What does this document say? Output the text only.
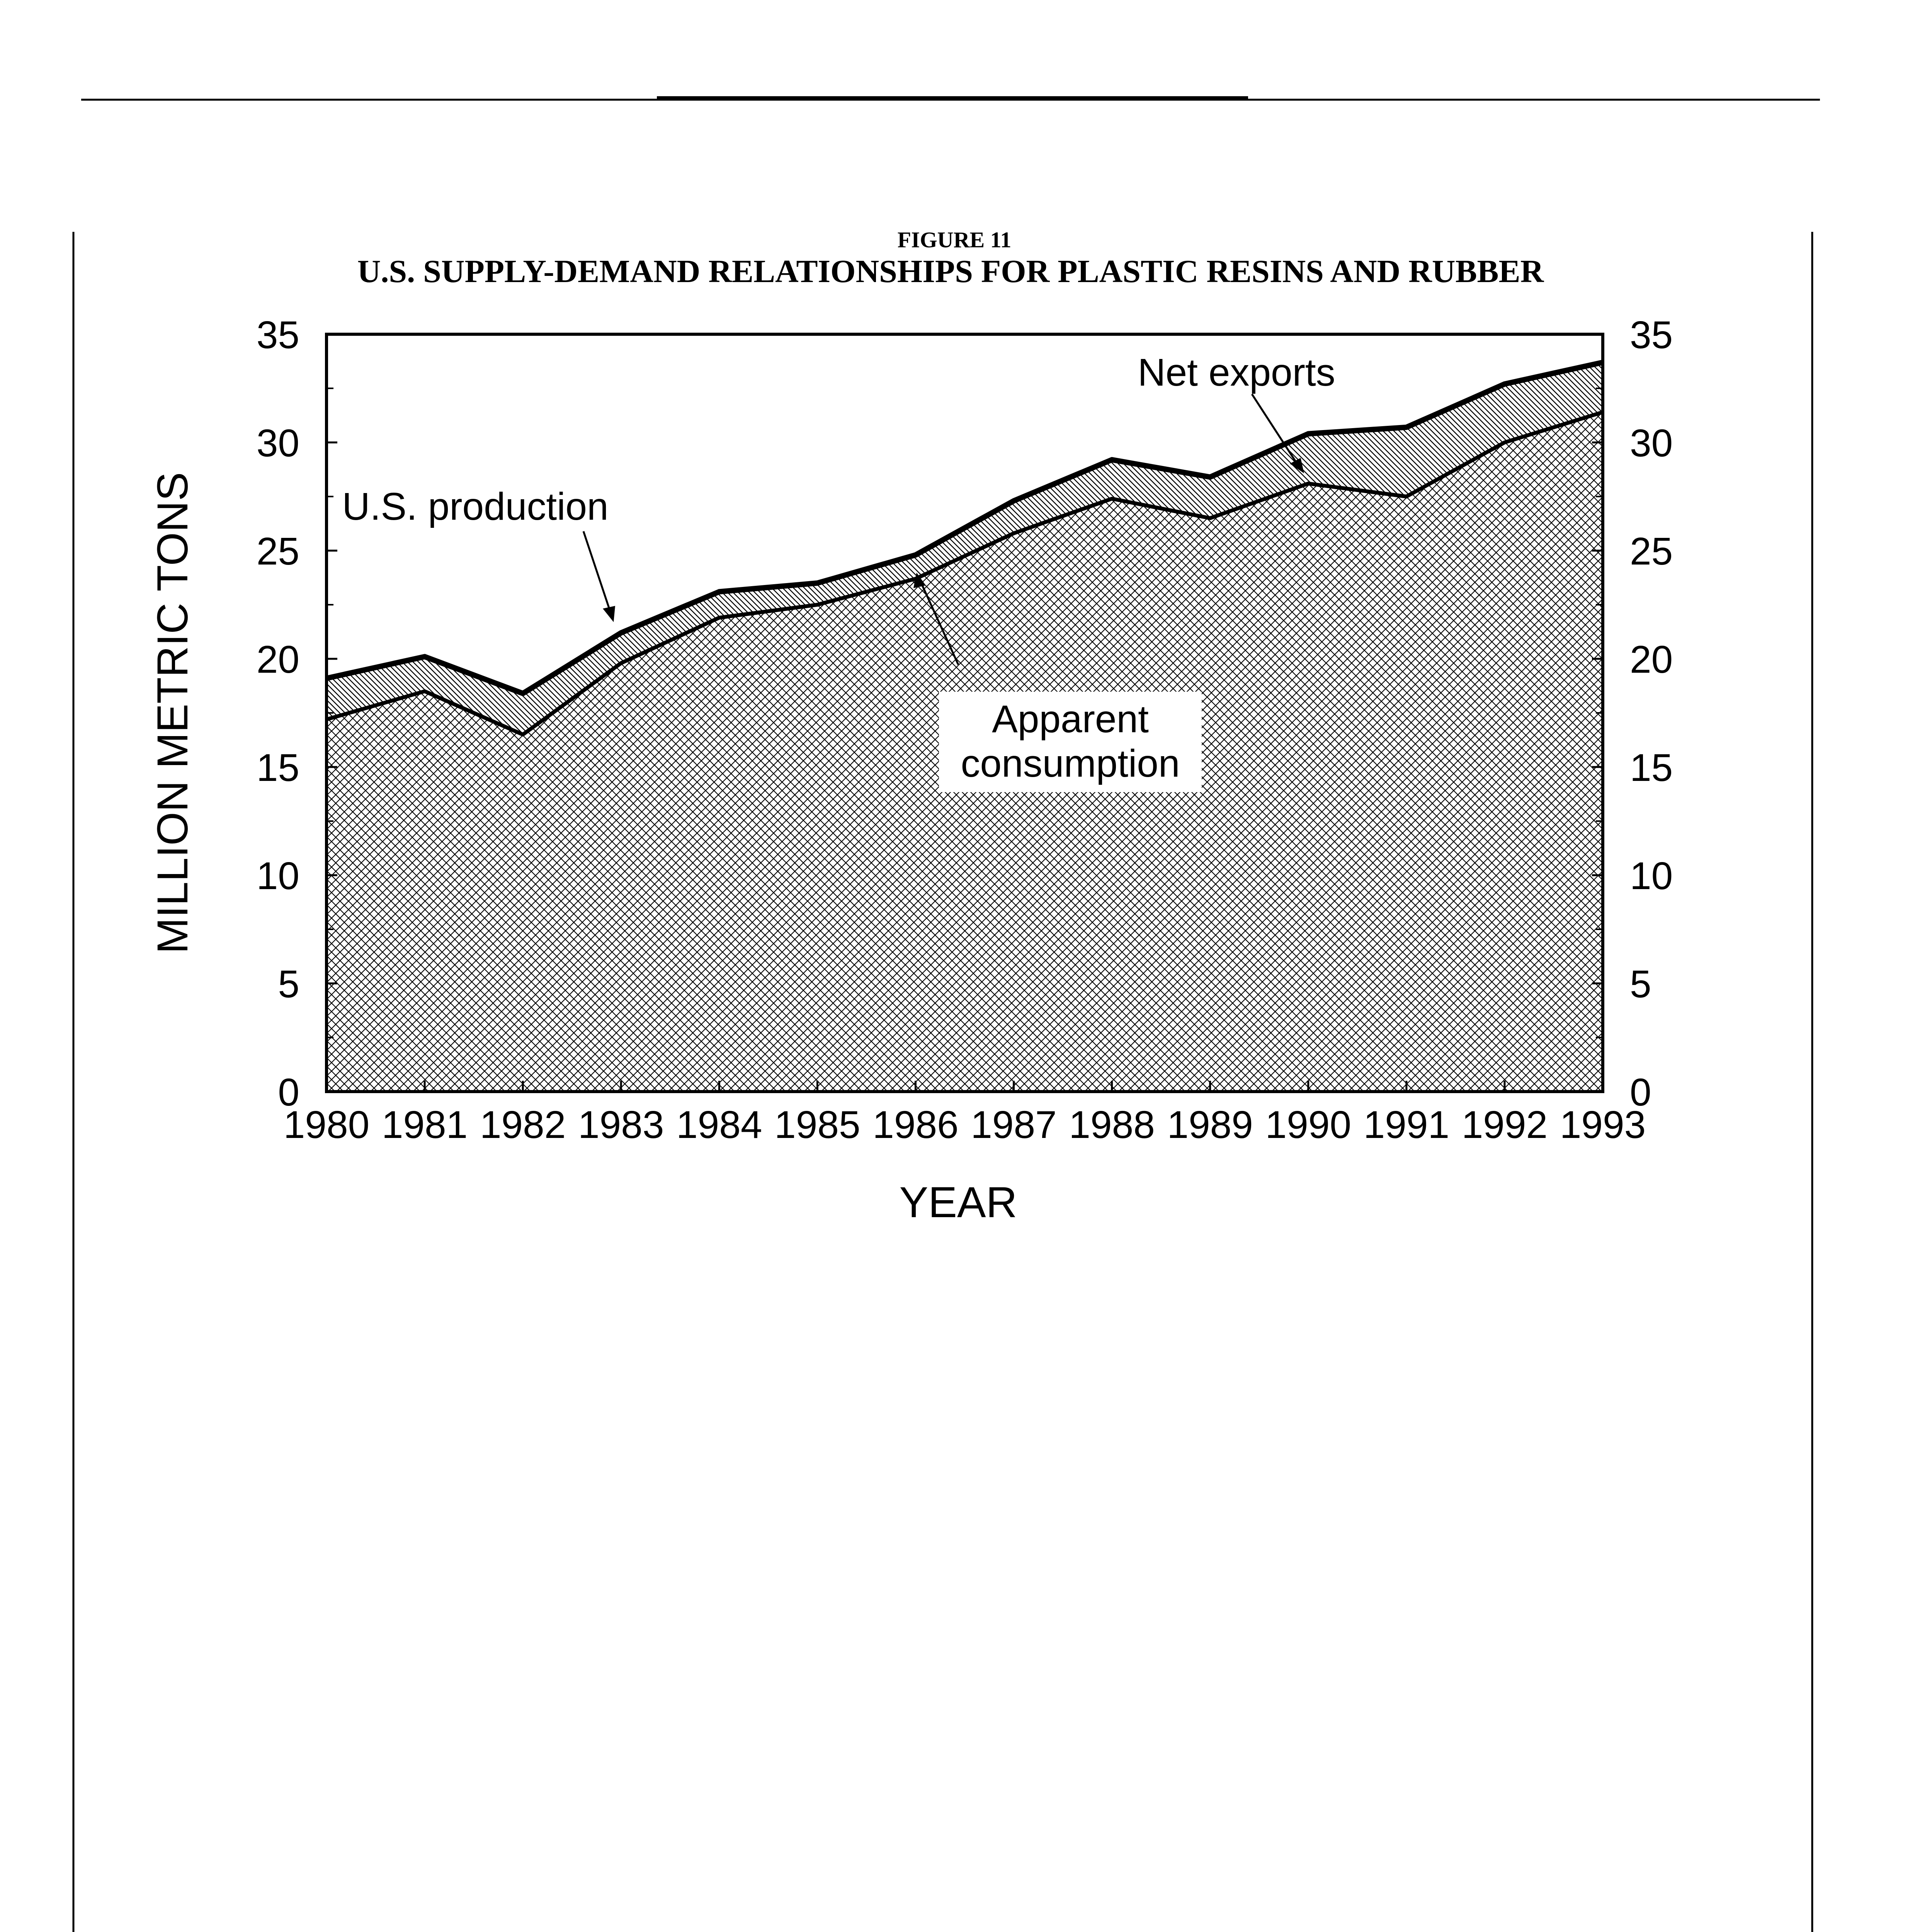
FIGURE 11
U.S. SUPPLY-DEMAND RELATIONSHIPS FOR PLASTIC RESINS AND RUBBER
0
5
10
15
20
25
30
35
0
5
10
15
20
25
30
35
1980 1981 1982 1983 1984 1985 1986 1987 1988 1989 1990 1991 1992 1993
Net exports
U.S. production
Apparent
consumption
MILLION METRIC TONS
YEAR
